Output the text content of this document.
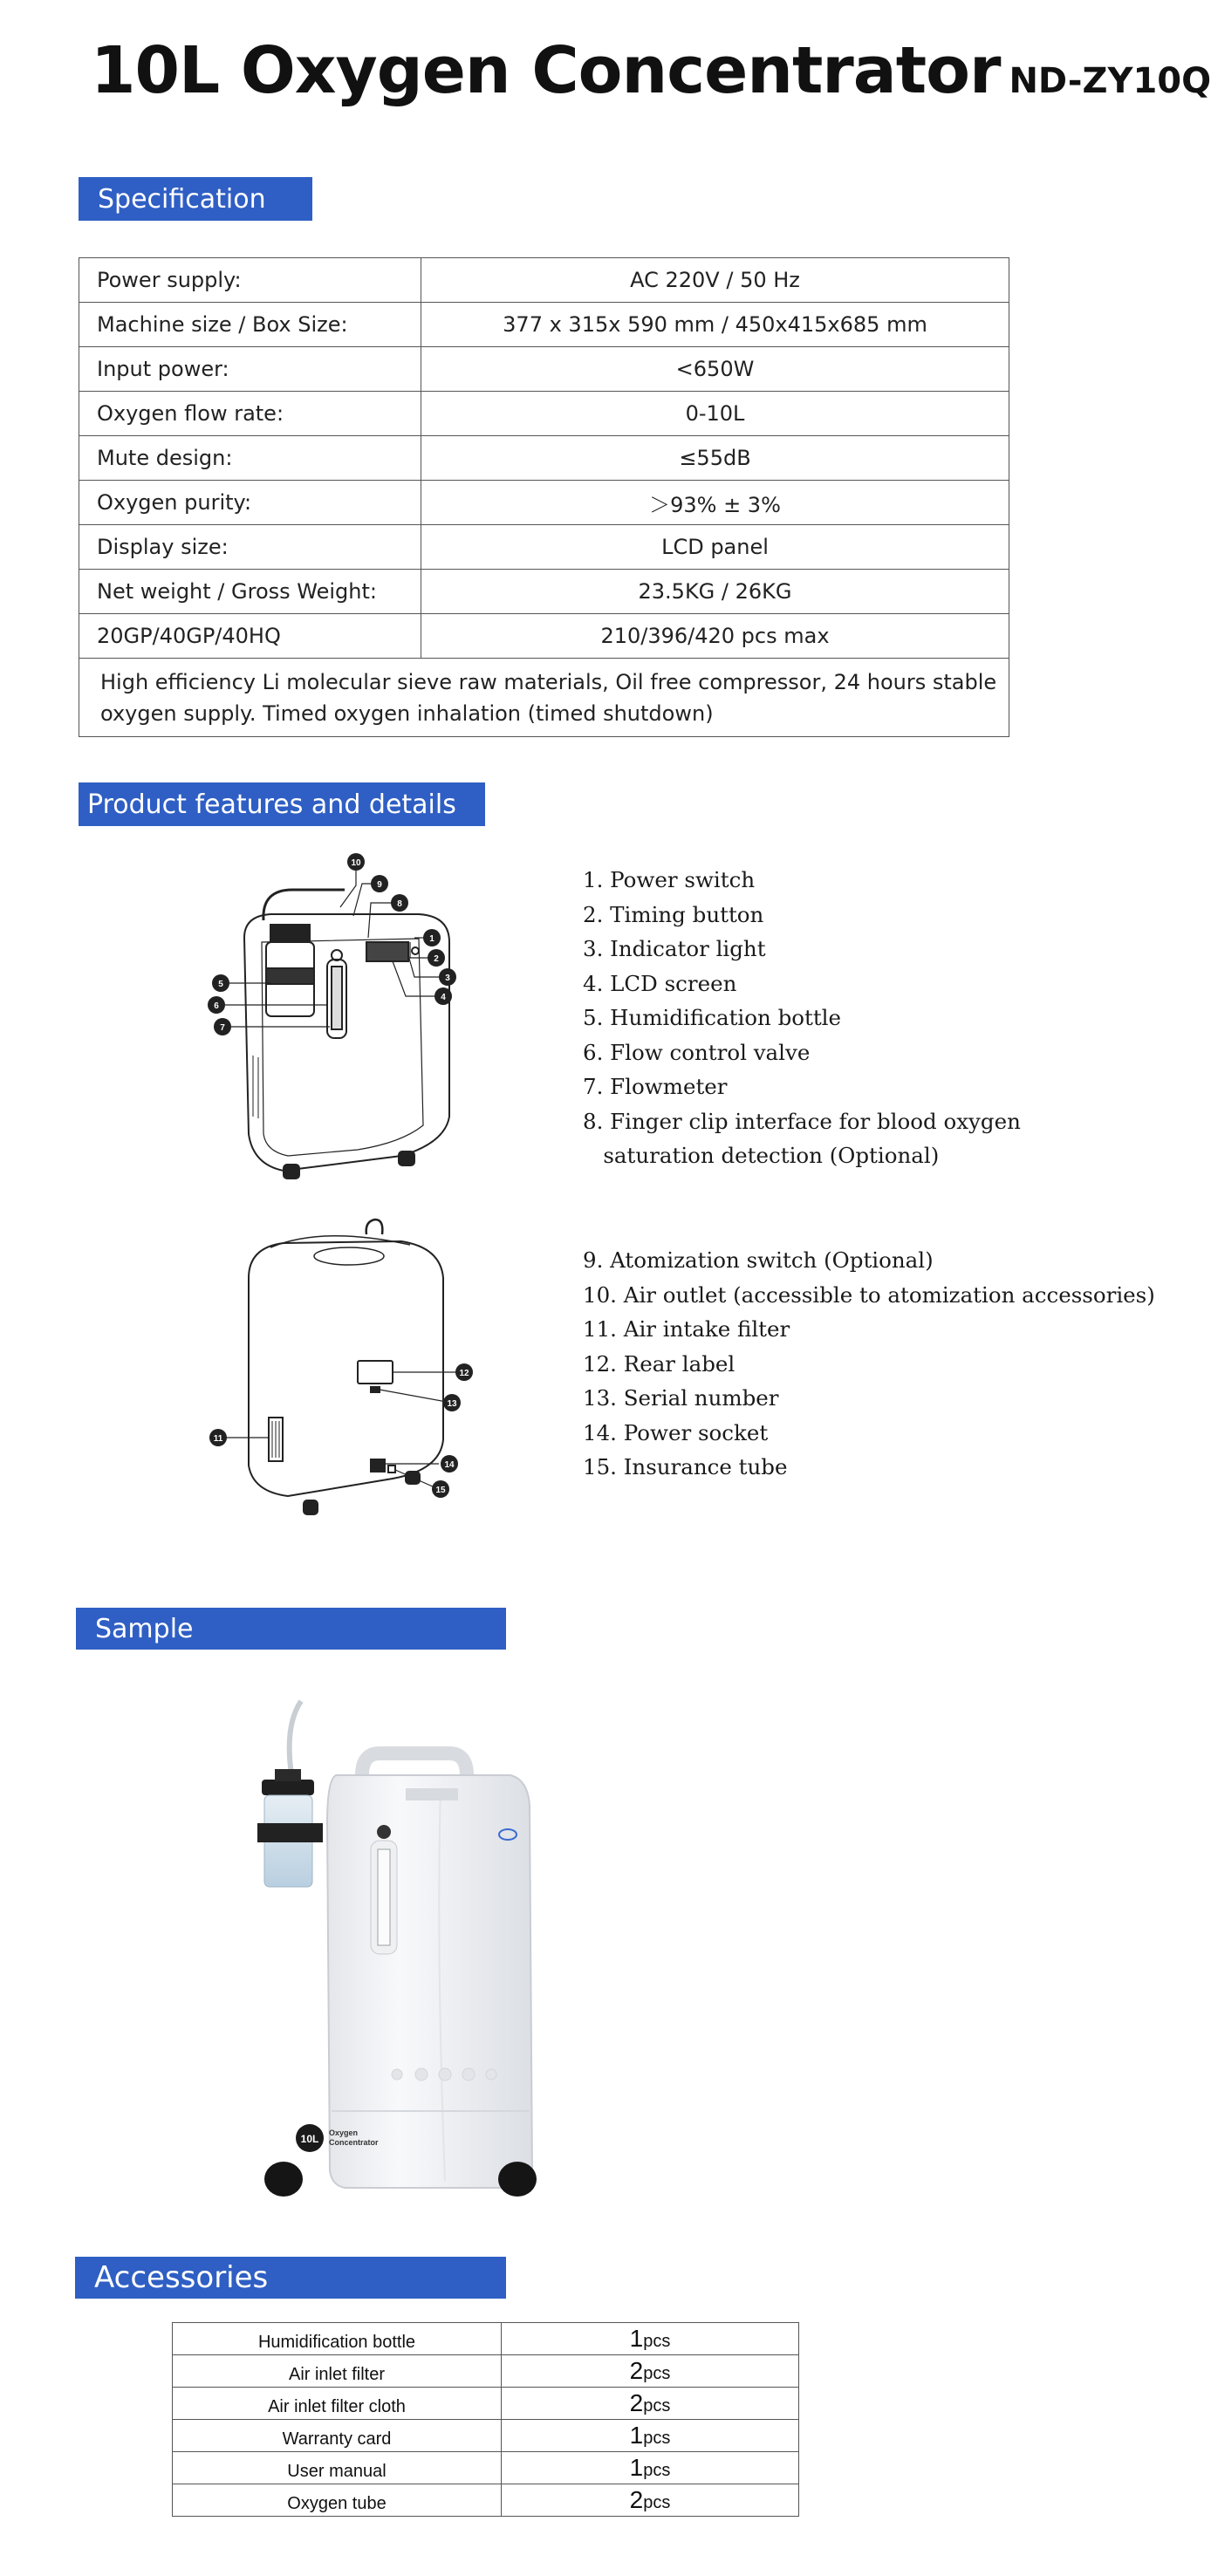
10L Oxygen Concentrator ND-ZY10Q
Specification
Power supply:	AC 220V / 50 Hz
Machine size / Box Size:	377 x 315x 590 mm / 450x415x685 mm
Input power:	<650W
Oxygen flow rate:	0-10L
Mute design:	≤55dB
Oxygen purity:	＞93% ± 3%
Display size:	LCD panel
Net weight / Gross Weight:	23.5KG / 26KG
20GP/40GP/40HQ	210/396/420 pcs max
High efficiency Li molecular sieve raw materials, Oil free compressor, 24 hours stable oxygen supply. Timed oxygen inhalation (timed shutdown)	
Product features and details
10
9
8
1
2
3
4
5
6
7
1. Power switch
2. Timing button
3. Indicator light
4. LCD screen
5. Humidification bottle
6. Flow control valve
7. Flowmeter
8. Finger clip interface for blood oxygen
saturation detection (Optional)
12
13
11
14
15
9. Atomization switch (Optional)
10. Air outlet (accessible to atomization accessories)
11. Air intake filter
12. Rear label
13. Serial number
14. Power socket
15. Insurance tube
Sample
10L Oxygen
Concentrator
Accessories
Humidification bottle	1pcs
Air inlet filter	2pcs
Air inlet filter cloth	2pcs
Warranty card	1pcs
User manual	1pcs
Oxygen tube	2pcs
